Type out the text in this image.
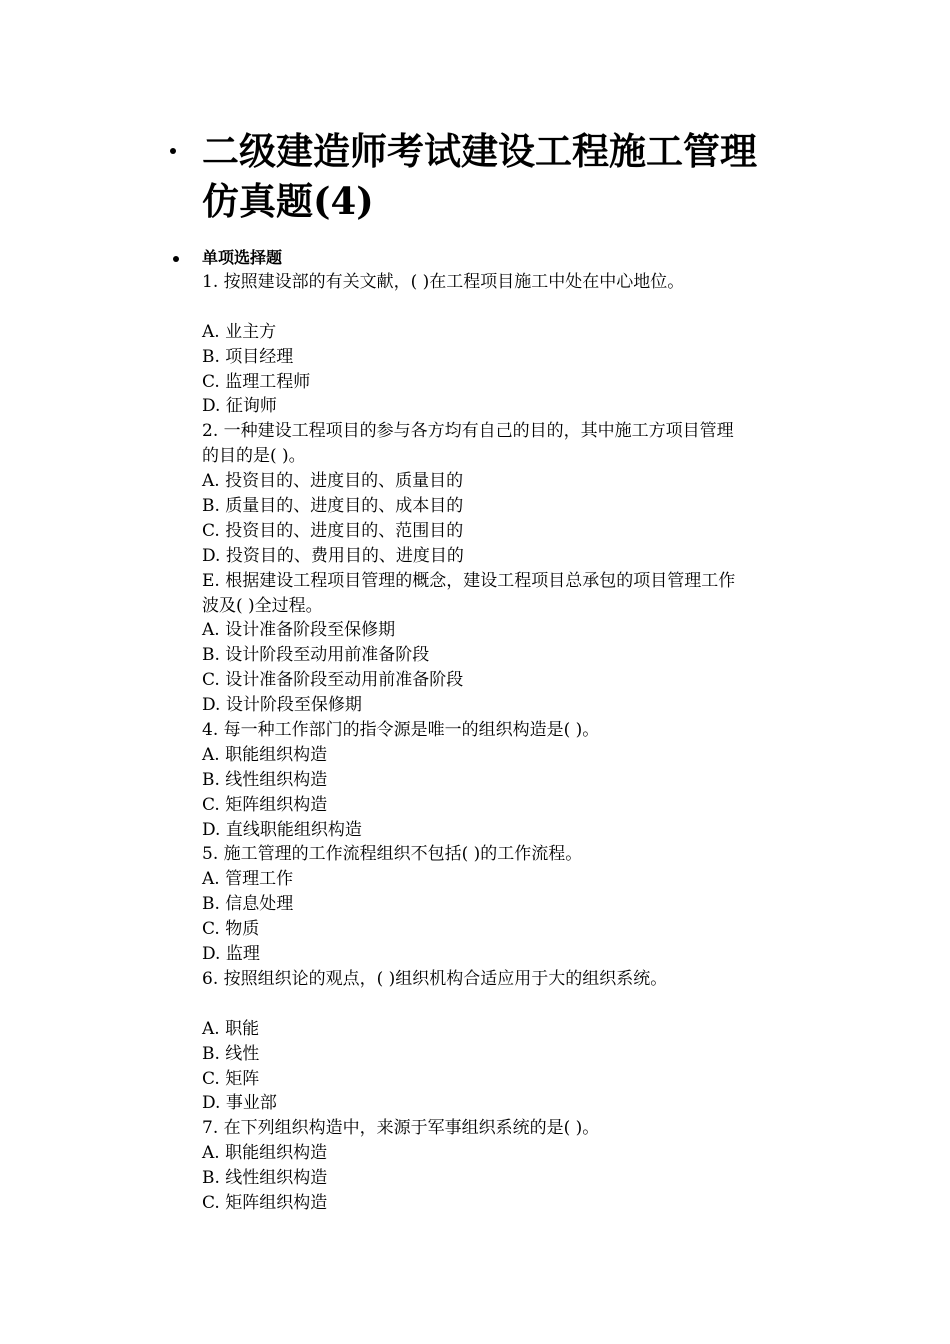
二级建造师考试建设工程施工管理
仿真题(4)
单项选择题
1. 按照建设部的有关文献，( )在工程项目施工中处在中心地位。
A. 业主方
B. 项目经理
C. 监理工程师
D. 征询师
2. 一种建设工程项目的参与各方均有自己的目的，其中施工方项目管理
的目的是( )。
A. 投资目的、进度目的、质量目的
B. 质量目的、进度目的、成本目的
C. 投资目的、进度目的、范围目的
D. 投资目的、费用目的、进度目的
E. 根据建设工程项目管理的概念，建设工程项目总承包的项目管理工作
波及( )全过程。
A. 设计准备阶段至保修期
B. 设计阶段至动用前准备阶段
C. 设计准备阶段至动用前准备阶段
D. 设计阶段至保修期
4. 每一种工作部门的指令源是唯一的组织构造是( )。
A. 职能组织构造
B. 线性组织构造
C. 矩阵组织构造
D. 直线职能组织构造
5. 施工管理的工作流程组织不包括( )的工作流程。
A. 管理工作
B. 信息处理
C. 物质
D. 监理
6. 按照组织论的观点，( )组织机构合适应用于大的组织系统。
A. 职能
B. 线性
C. 矩阵
D. 事业部
7. 在下列组织构造中，来源于军事组织系统的是( )。
A. 职能组织构造
B. 线性组织构造
C. 矩阵组织构造
